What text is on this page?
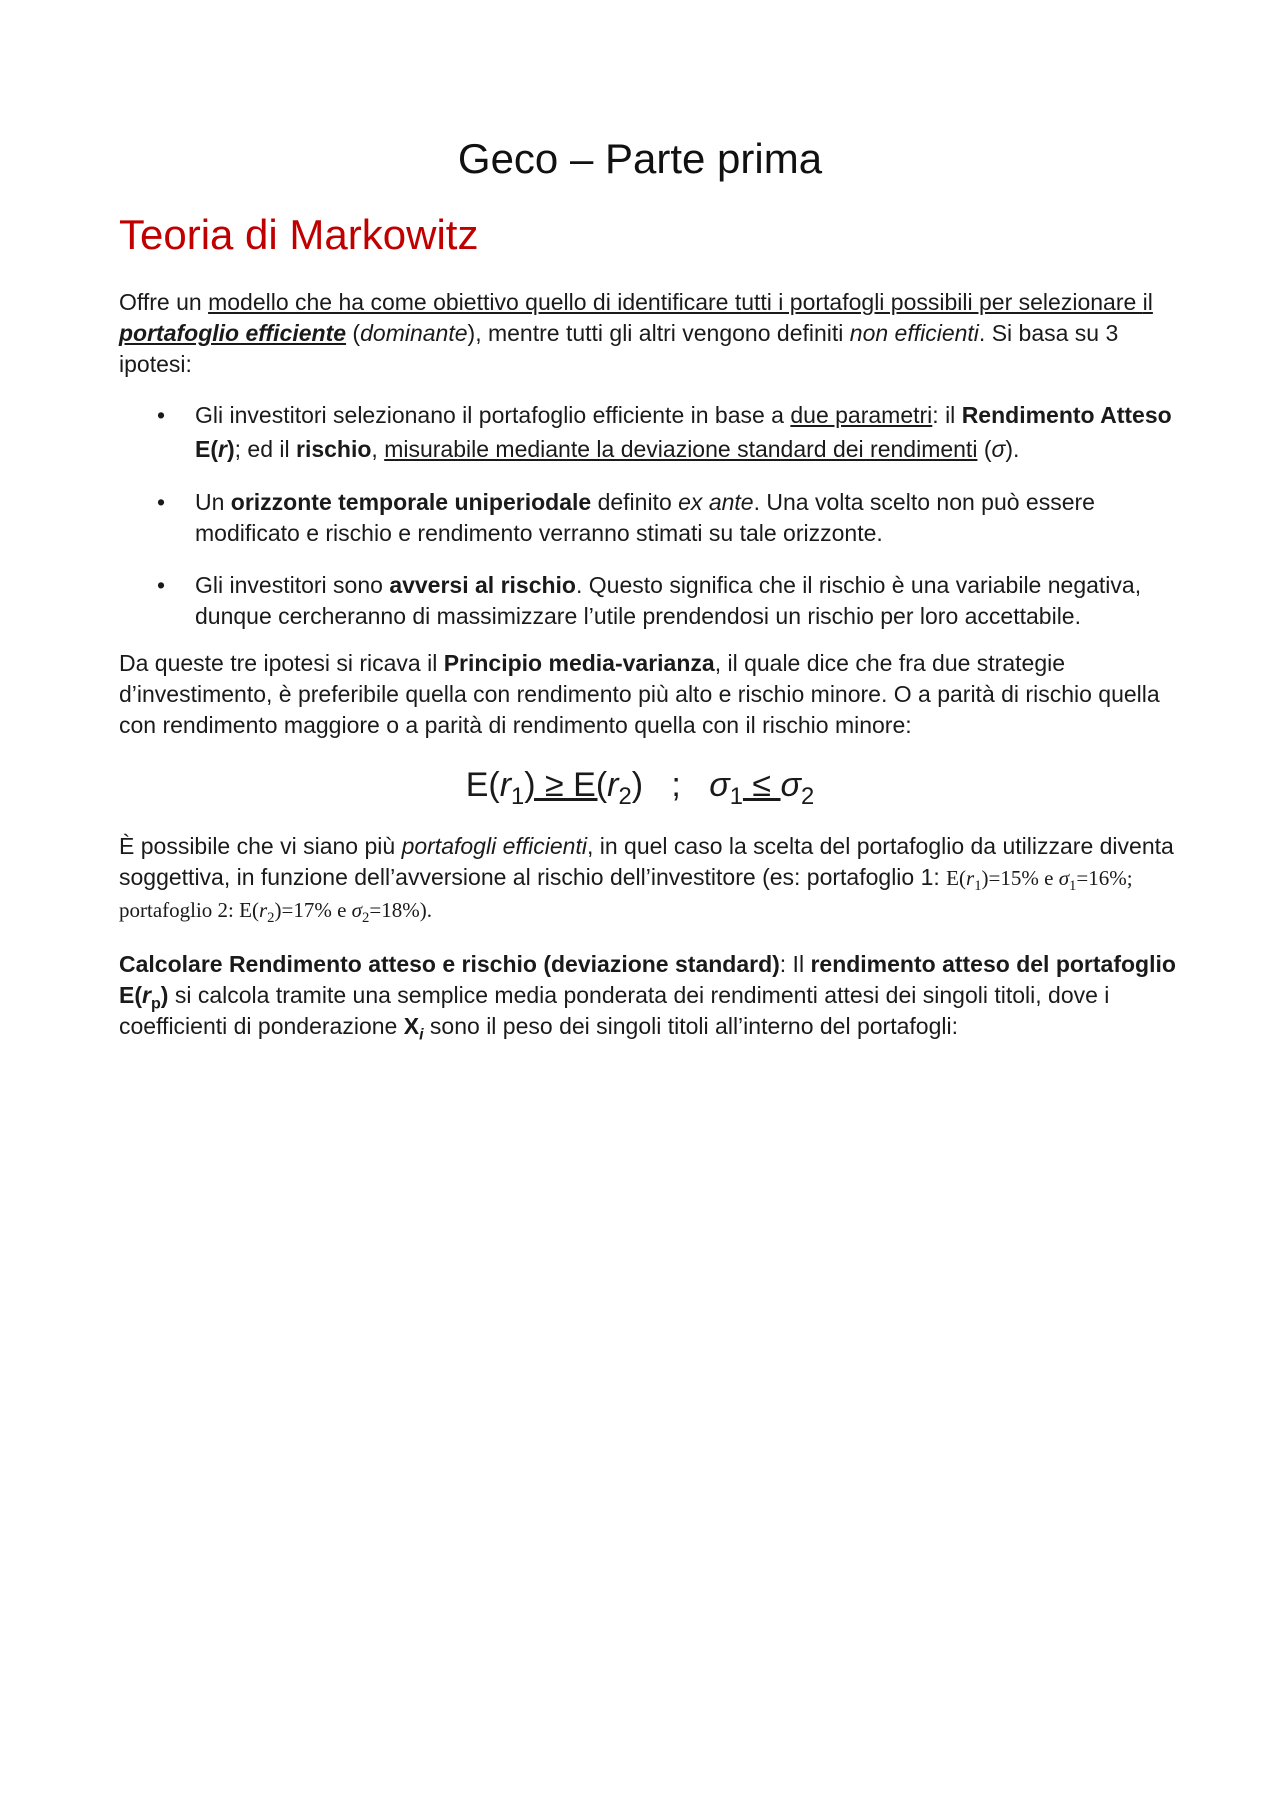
Geco – Parte prima
Teoria di Markowitz
Offre un modello che ha come obiettivo quello di identificare tutti i portafogli possibili per selezionare il portafoglio efficiente (dominante), mentre tutti gli altri vengono definiti non efficienti. Si basa su 3 ipotesi:
• Gli investitori selezionano il portafoglio efficiente in base a due parametri: il Rendimento Atteso E(r); ed il rischio, misurabile mediante la deviazione standard dei rendimenti (σ).
• Un orizzonte temporale uniperiodale definito ex ante. Una volta scelto non può essere modificato e rischio e rendimento verranno stimati su tale orizzonte.
• Gli investitori sono avversi al rischio. Questo significa che il rischio è una variabile negativa, dunque cercheranno di massimizzare l’utile prendendosi un rischio per loro accettabile.
Da queste tre ipotesi si ricava il Principio media-varianza, il quale dice che fra due strategie d’investimento, è preferibile quella con rendimento più alto e rischio minore. O a parità di rischio quella con rendimento maggiore o a parità di rendimento quella con il rischio minore:
$E(r_1) \ge E(r_2)$   ;   $\sigma_1 \le \sigma_2$
È possibile che vi siano più portafogli efficienti, in quel caso la scelta del portafoglio da utilizzare diventa soggettiva, in funzione dell’avversione al rischio dell’investitore (es: portafoglio 1: $E(r_1)=15\%$ e $\sigma_1=16\%$; portafoglio 2: $E(r_2)=17\%$ e $\sigma_2=18\%$).
Calcolare Rendimento atteso e rischio (deviazione standard): Il rendimento atteso del portafoglio $E(r_p)$ si calcola tramite una semplice media ponderata dei rendimenti attesi dei singoli titoli, dove i coefficienti di ponderazione $X_i$ sono il peso dei singoli titoli all’interno del portafogli:
